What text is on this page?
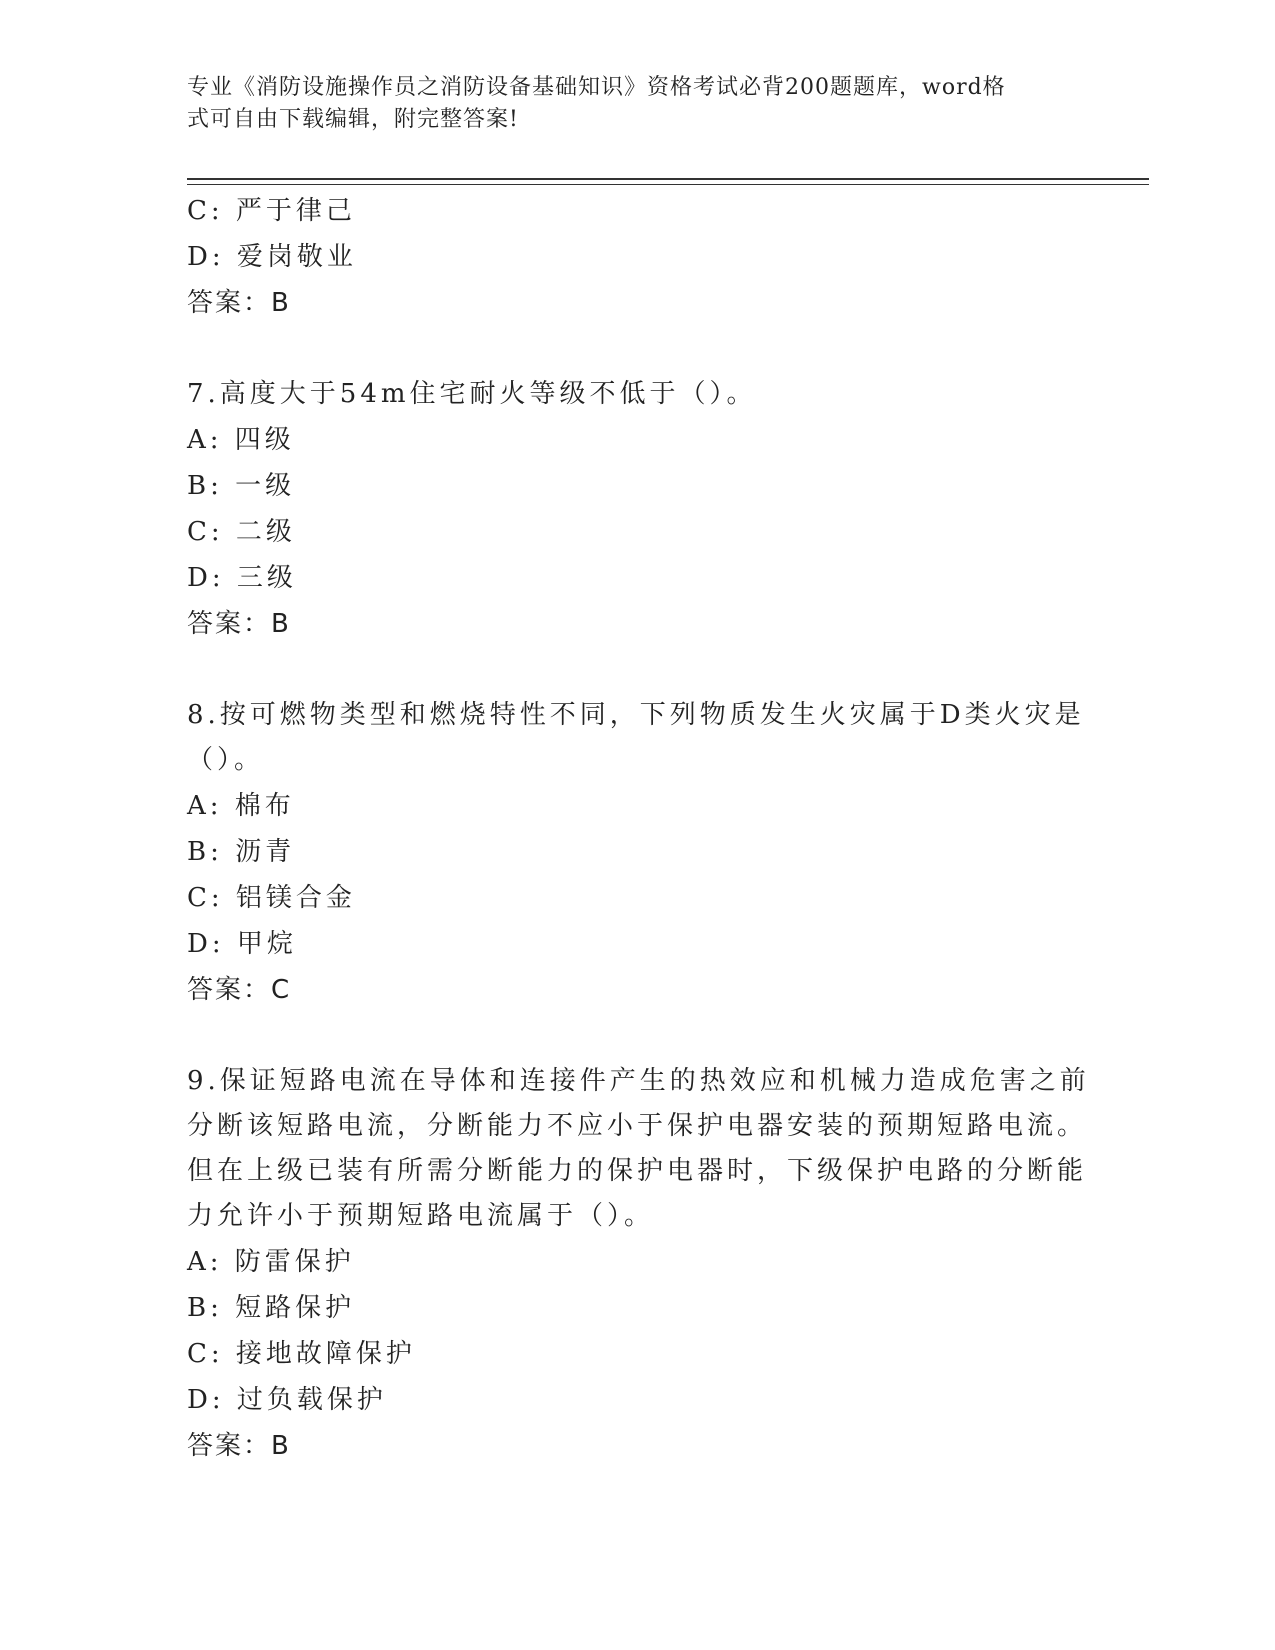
专业《消防设施操作员之消防设备基础知识》资格考试必背200题题库，word格
式可自由下载编辑，附完整答案!
C: 严于律己
D: 爱岗敬业
答案：B
7.高度大于54m住宅耐火等级不低于（）。
A: 四级
B: 一级
C: 二级
D: 三级
答案：B
8.按可燃物类型和燃烧特性不同，下列物质发生火灾属于D类火灾是
（）。
A: 棉布
B: 沥青
C: 铝镁合金
D: 甲烷
答案：C
9.保证短路电流在导体和连接件产生的热效应和机械力造成危害之前
分断该短路电流，分断能力不应小于保护电器安装的预期短路电流。
但在上级已装有所需分断能力的保护电器时，下级保护电路的分断能
力允许小于预期短路电流属于（）。
A: 防雷保护
B: 短路保护
C: 接地故障保护
D: 过负载保护
答案：B
